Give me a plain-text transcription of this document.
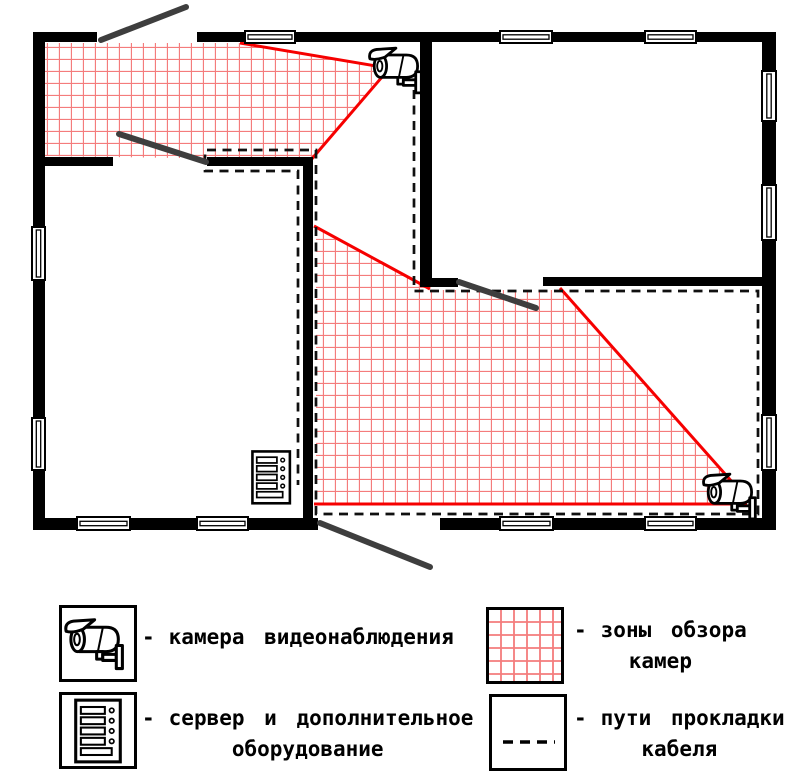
- камера видеонаблюдения
- сервер и дополнительное
оборудование
- зоны обзора
камер
- пути прокладки
кабеля
